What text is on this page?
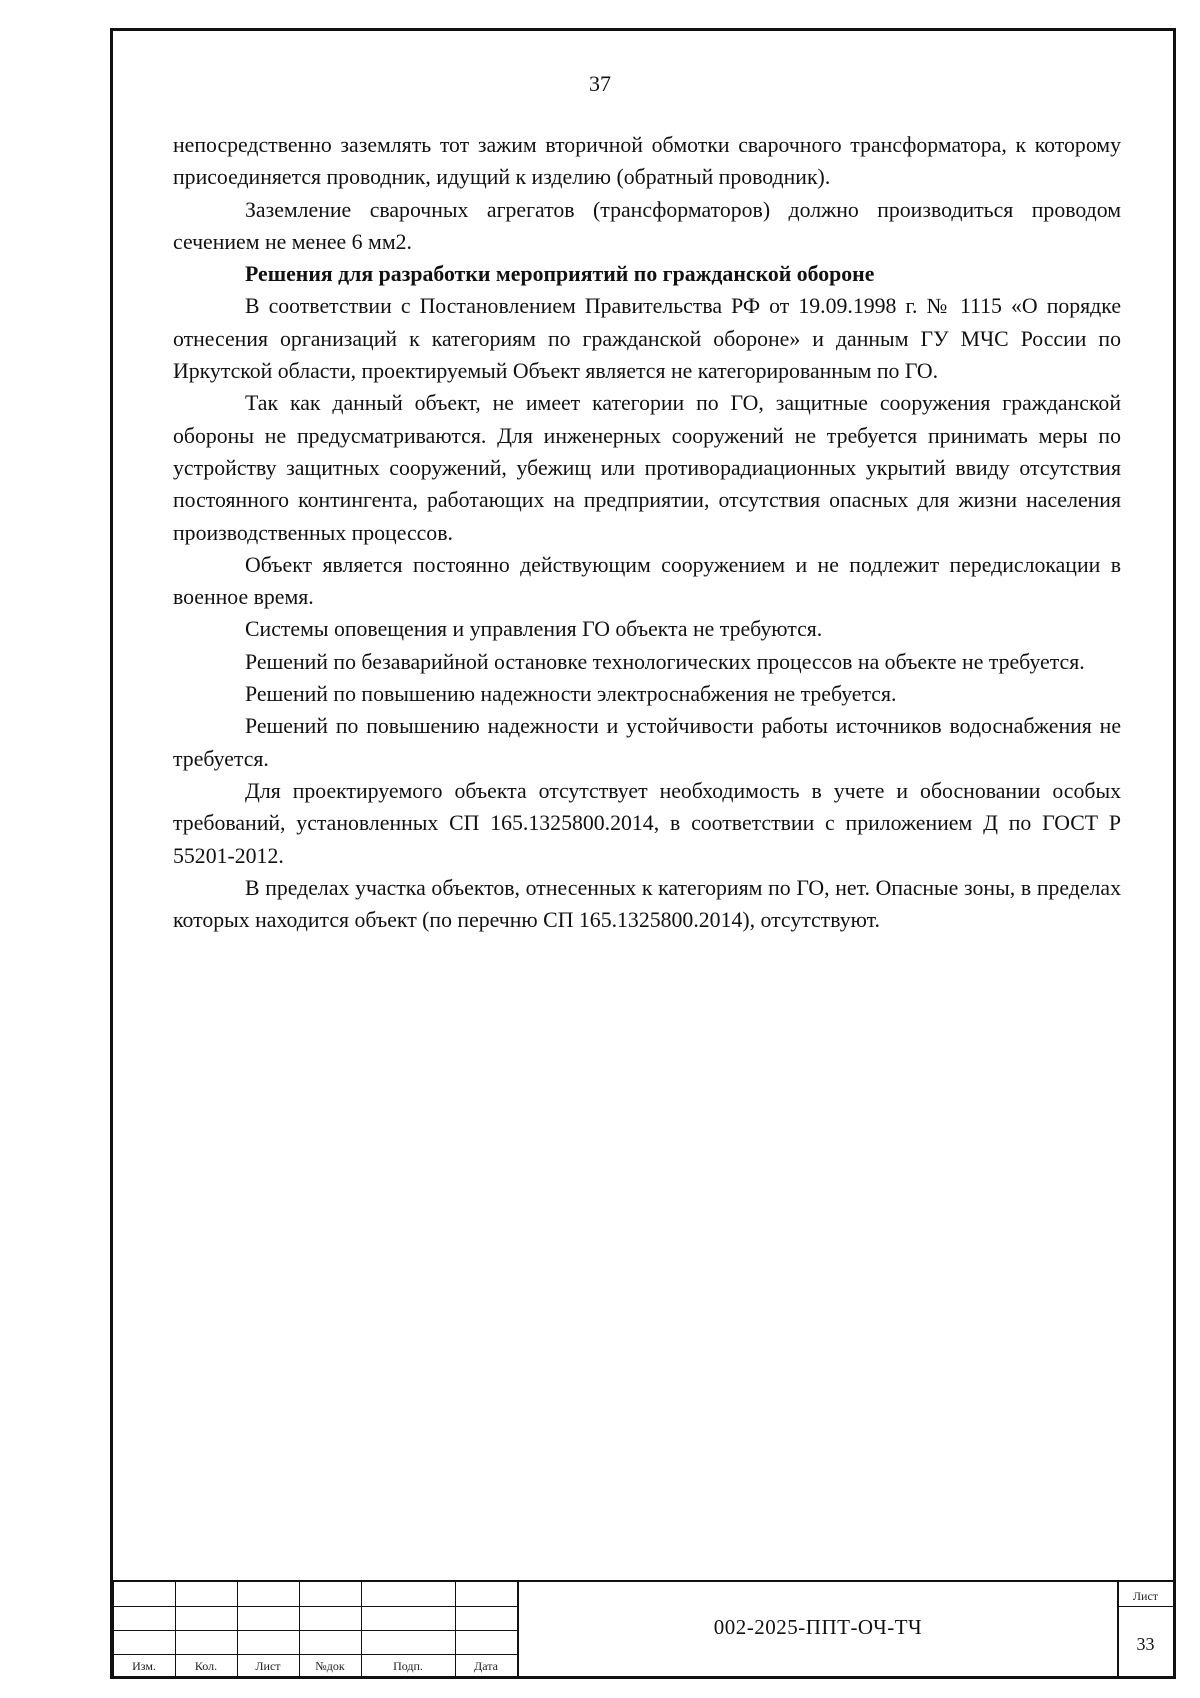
37

непосредственно заземлять тот зажим вторичной обмотки сварочного трансформатора, к которому присоединяется проводник, идущий к изделию (обратный проводник).

Заземление сварочных агрегатов (трансформаторов) должно производиться проводом сечением не менее 6 мм2.

Решения для разработки мероприятий по гражданской обороне

В соответствии с Постановлением Правительства РФ от 19.09.1998 г. № 1115 «О порядке отнесения организаций к категориям по гражданской обороне» и данным ГУ МЧС России по Иркутской области, проектируемый Объект является не категорированным по ГО.

Так как данный объект, не имеет категории по ГО, защитные сооружения гражданской обороны не предусматриваются. Для инженерных сооружений не требуется принимать меры по устройству защитных сооружений, убежищ или противорадиационных укрытий ввиду отсутствия постоянного контингента, работающих на предприятии, отсутствия опасных для жизни населения производственных процессов.

Объект является постоянно действующим сооружением и не подлежит передислокации в военное время.

Системы оповещения и управления ГО объекта не требуются.

Решений по безаварийной остановке технологических процессов на объекте не требуется.

Решений по повышению надежности электроснабжения не требуется.

Решений по повышению надежности и устойчивости работы источников водоснабжения не требуется.

Для проектируемого объекта отсутствует необходимость в учете и обосновании особых требований, установленных СП 165.1325800.2014, в соответствии с приложением Д по ГОСТ Р 55201-2012.

В пределах участка объектов, отнесенных к категориям по ГО, нет. Опасные зоны, в пределах которых находится объект (по перечню СП 165.1325800.2014), отсутствуют.

Изм.	Кол.	Лист	№док	Подп.	Дата
002-2025-ППТ-ОЧ-ТЧ
Лист
33
